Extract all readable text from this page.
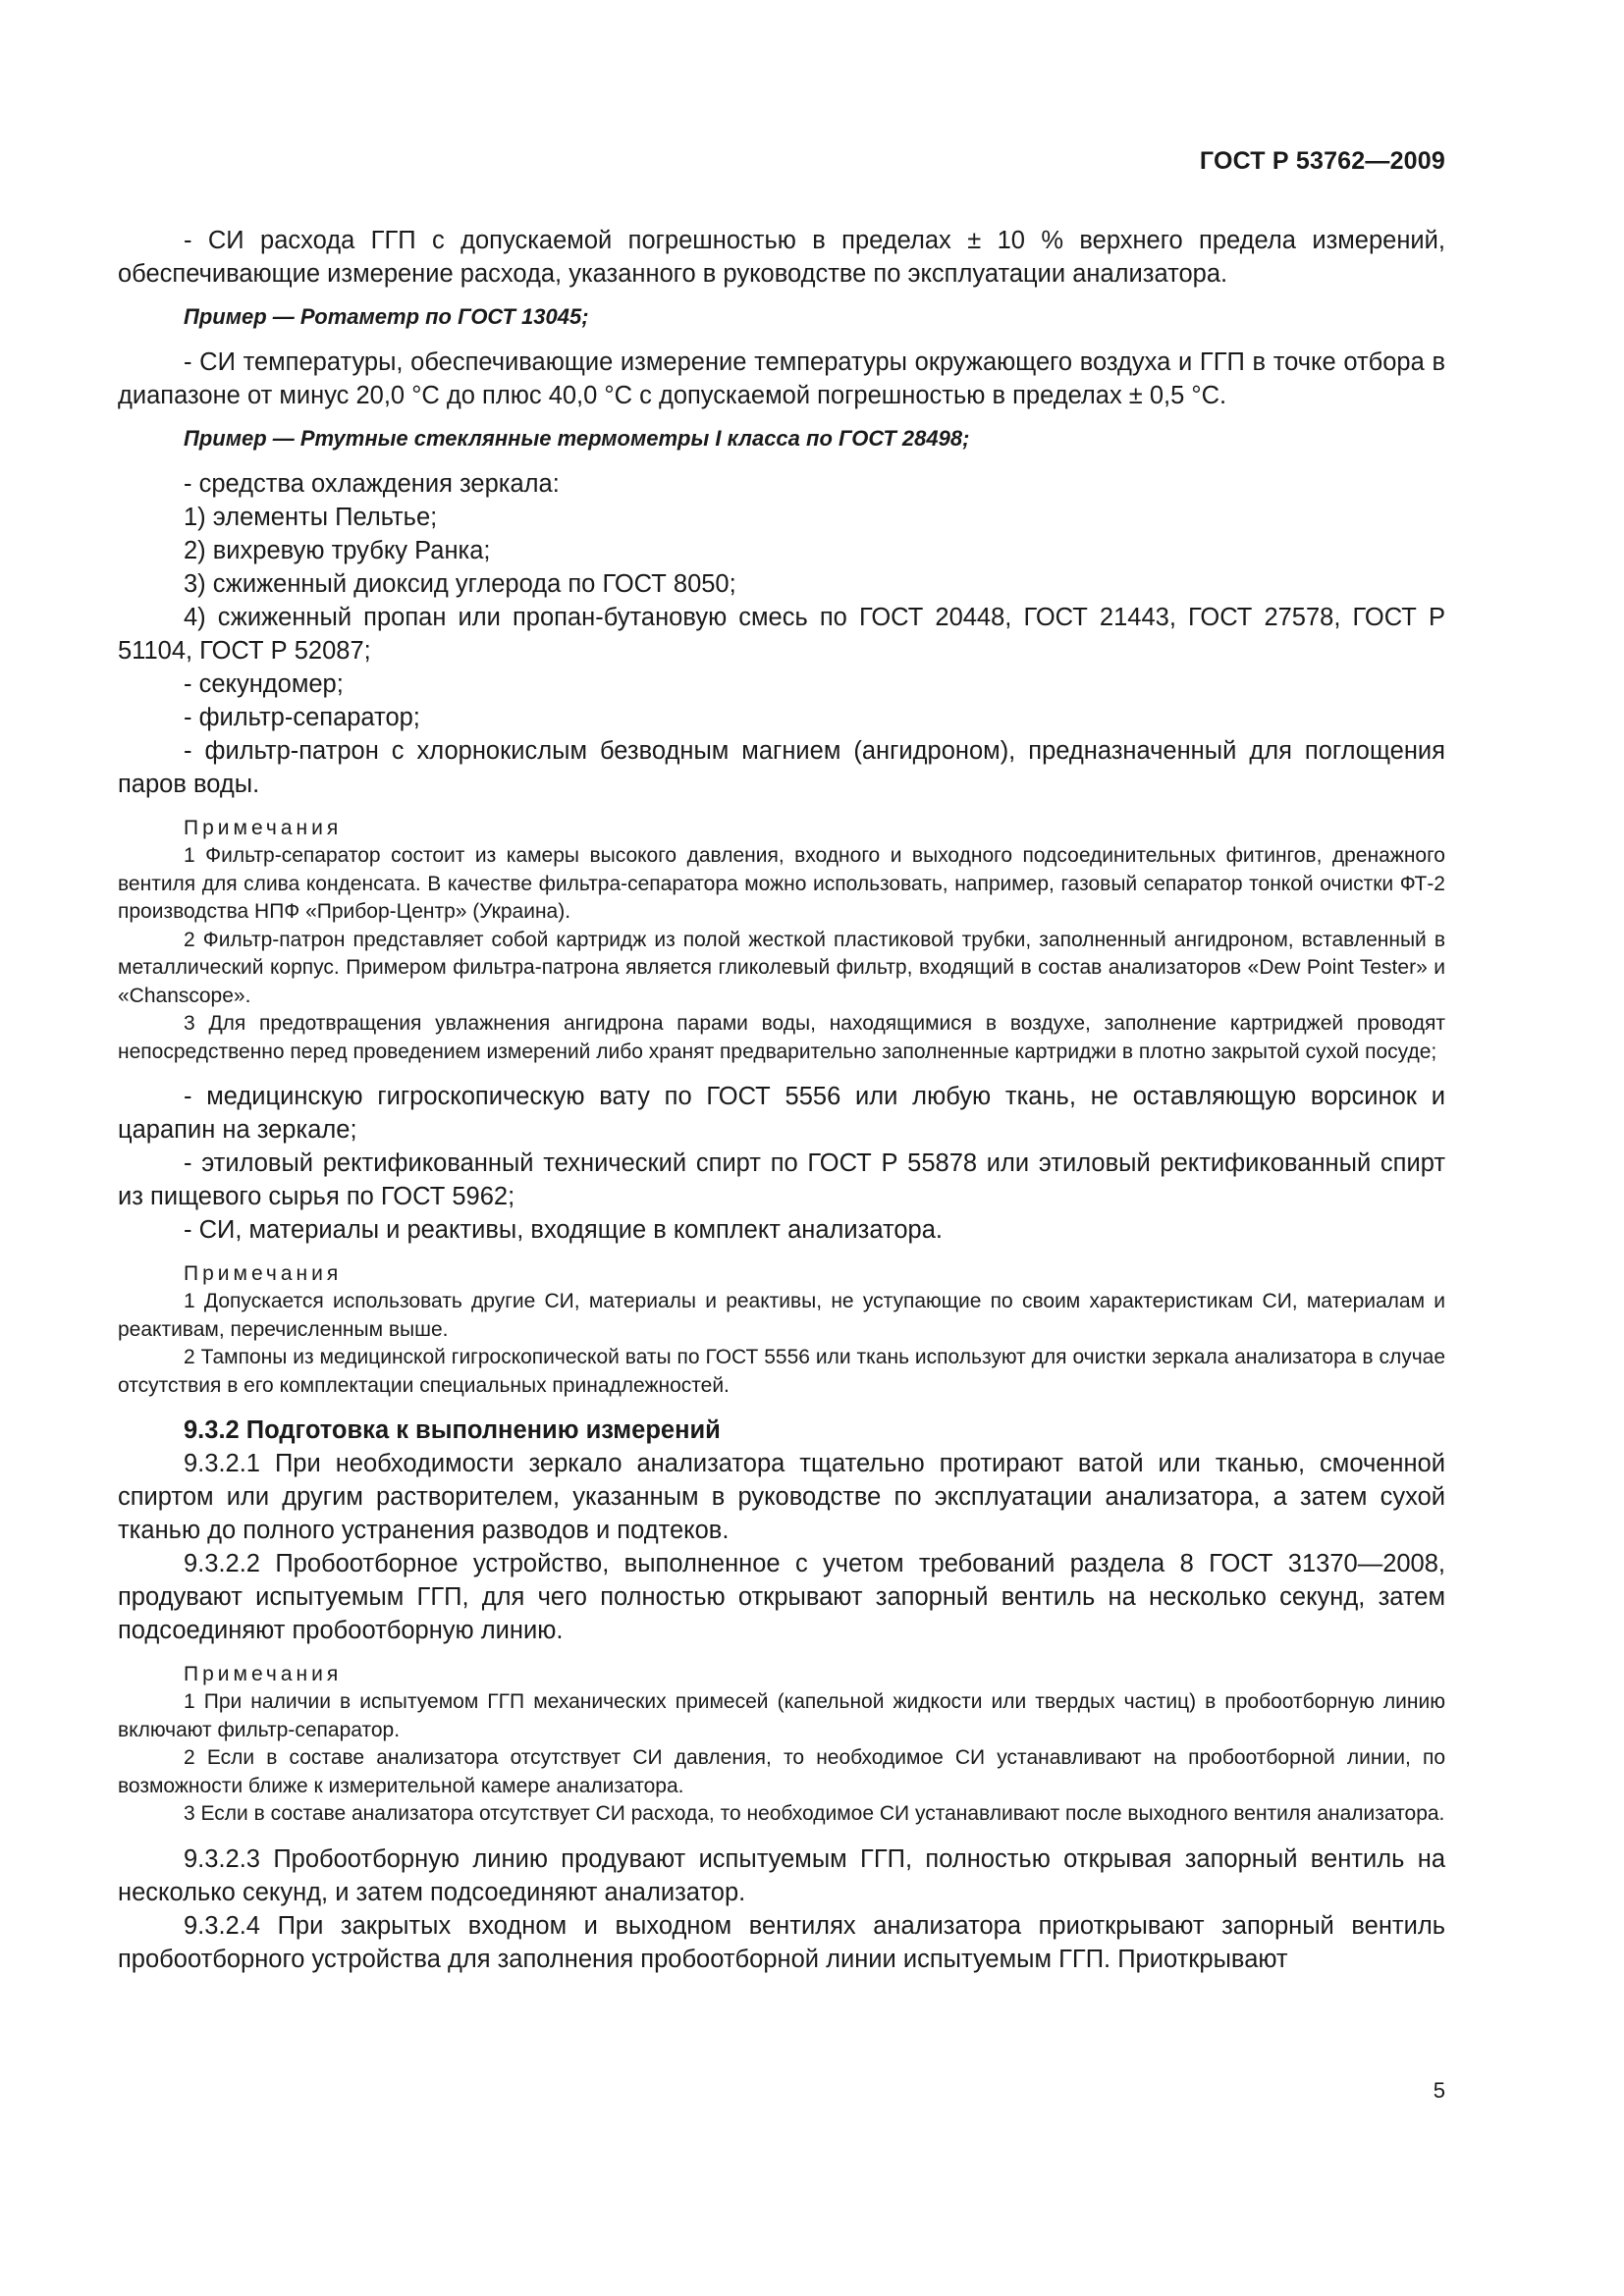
ГОСТ Р 53762—2009

- СИ расхода ГГП с допускаемой погрешностью в пределах ± 10 % верхнего предела измерений, обеспечивающие измерение расхода, указанного в руководстве по эксплуатации анализатора.

Пример — Ротаметр по ГОСТ 13045;

- СИ температуры, обеспечивающие измерение температуры окружающего воздуха и ГГП в точке отбора в диапазоне от минус 20,0 °С до плюс 40,0 °С с допускаемой погрешностью в пределах ± 0,5 °С.

Пример — Ртутные стеклянные термометры I класса по ГОСТ 28498;

- средства охлаждения зеркала:

1) элементы Пельтье;

2) вихревую трубку Ранка;

3) сжиженный диоксид углерода по ГОСТ 8050;

4) сжиженный пропан или пропан-бутановую смесь по ГОСТ 20448, ГОСТ 21443, ГОСТ 27578, ГОСТ Р 51104, ГОСТ Р 52087;

- секундомер;

- фильтр-сепаратор;

- фильтр-патрон с хлорнокислым безводным магнием (ангидроном), предназначенный для поглощения паров воды.

Примечания

1 Фильтр-сепаратор состоит из камеры высокого давления, входного и выходного подсоединительных фитингов, дренажного вентиля для слива конденсата. В качестве фильтра-сепаратора можно использовать, например, газовый сепаратор тонкой очистки ФТ-2 производства НПФ «Прибор-Центр» (Украина).

2 Фильтр-патрон представляет собой картридж из полой жесткой пластиковой трубки, заполненный ангидроном, вставленный в металлический корпус. Примером фильтра-патрона является гликолевый фильтр, входящий в состав анализаторов «Dew Point Tester» и «Chanscope».

3 Для предотвращения увлажнения ангидрона парами воды, находящимися в воздухе, заполнение картриджей проводят непосредственно перед проведением измерений либо хранят предварительно заполненные картриджи в плотно закрытой сухой посуде;

- медицинскую гигроскопическую вату по ГОСТ 5556 или любую ткань, не оставляющую ворсинок и царапин на зеркале;

- этиловый ректификованный технический спирт по ГОСТ Р 55878 или этиловый ректификованный спирт из пищевого сырья по ГОСТ 5962;

- СИ, материалы и реактивы, входящие в комплект анализатора.

Примечания

1 Допускается использовать другие СИ, материалы и реактивы, не уступающие по своим характеристикам СИ, материалам и реактивам, перечисленным выше.

2 Тампоны из медицинской гигроскопической ваты по ГОСТ 5556 или ткань используют для очистки зеркала анализатора в случае отсутствия в его комплектации специальных принадлежностей.

9.3.2 Подготовка к выполнению измерений

9.3.2.1 При необходимости зеркало анализатора тщательно протирают ватой или тканью, смоченной спиртом или другим растворителем, указанным в руководстве по эксплуатации анализатора, а затем сухой тканью до полного устранения разводов и подтеков.

9.3.2.2 Пробоотборное устройство, выполненное с учетом требований раздела 8 ГОСТ 31370—2008, продувают испытуемым ГГП, для чего полностью открывают запорный вентиль на несколько секунд, затем подсоединяют пробоотборную линию.

Примечания

1 При наличии в испытуемом ГГП механических примесей (капельной жидкости или твердых частиц) в пробоотборную линию включают фильтр-сепаратор.

2 Если в составе анализатора отсутствует СИ давления, то необходимое СИ устанавливают на пробоотборной линии, по возможности ближе к измерительной камере анализатора.

3 Если в составе анализатора отсутствует СИ расхода, то необходимое СИ устанавливают после выходного вентиля анализатора.

9.3.2.3 Пробоотборную линию продувают испытуемым ГГП, полностью открывая запорный вентиль на несколько секунд, и затем подсоединяют анализатор.

9.3.2.4 При закрытых входном и выходном вентилях анализатора приоткрывают запорный вентиль пробоотборного устройства для заполнения пробоотборной линии испытуемым ГГП. Приоткрывают

5
